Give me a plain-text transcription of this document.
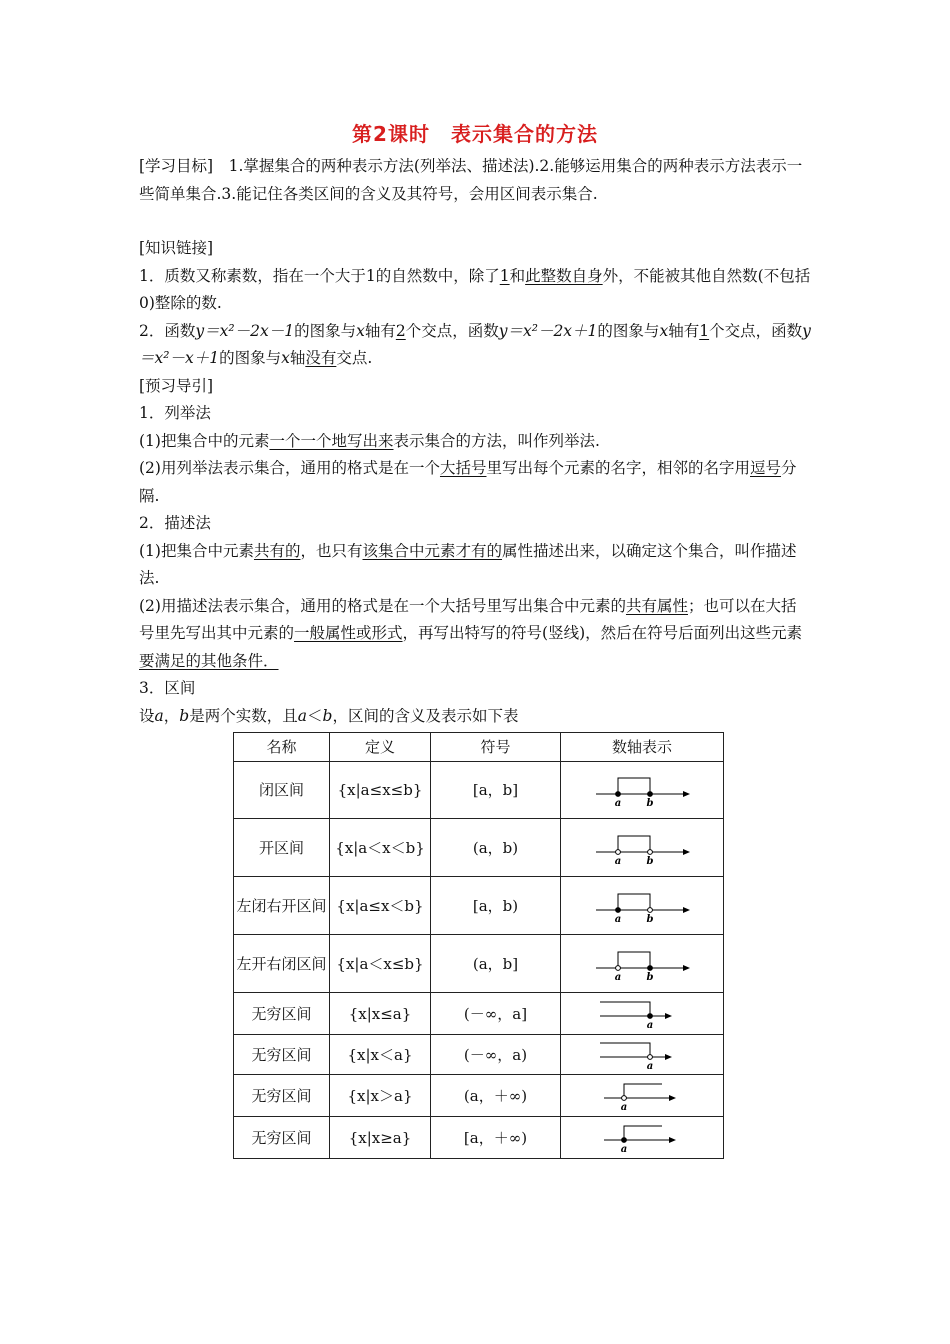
第2课时　表示集合的方法

[学习目标]　1.掌握集合的两种表示方法(列举法、描述法).2.能够运用集合的两种表示方法表示一些简单集合.3.能记住各类区间的含义及其符号，会用区间表示集合.

[知识链接]

1．质数又称素数，指在一个大于1的自然数中，除了1和此整数自身外，不能被其他自然数(不包括0)整除的数.

2．函数y＝x²－2x－1的图象与x轴有2个交点，函数y＝x²－2x＋1的图象与x轴有1个交点，函数y＝x²－x＋1的图象与x轴没有交点.

[预习导引]

1．列举法

(1)把集合中的元素一个一个地写出来表示集合的方法，叫作列举法.

(2)用列举法表示集合，通用的格式是在一个大括号里写出每个元素的名字，相邻的名字用逗号分隔.

2．描述法

(1)把集合中元素共有的，也只有该集合中元素才有的属性描述出来，以确定这个集合，叫作描述法.

(2)用描述法表示集合，通用的格式是在一个大括号里写出集合中元素的共有属性；也可以在大括号里先写出其中元素的一般属性或形式，再写出特写的符号(竖线)，然后在符号后面列出这些元素要满足的其他条件．

3．区间

设a，b是两个实数，且a＜b，区间的含义及表示如下表

名称	定义	符号	数轴表示
闭区间	{x|a≤x≤b}	[a，b]	a b

开区间	{x|a＜x＜b}	(a，b)	a b

左闭右开区间	{x|a≤x＜b}	[a，b)	a b

左开右闭区间	{x|a＜x≤b}	(a，b]	a b

无穷区间	{x|x≤a}	(－∞，a]	a

无穷区间	{x|x＜a}	(－∞，a)	a

无穷区间	{x|x＞a}	(a，＋∞)	a

无穷区间	{x|x≥a}	[a，＋∞)	a
